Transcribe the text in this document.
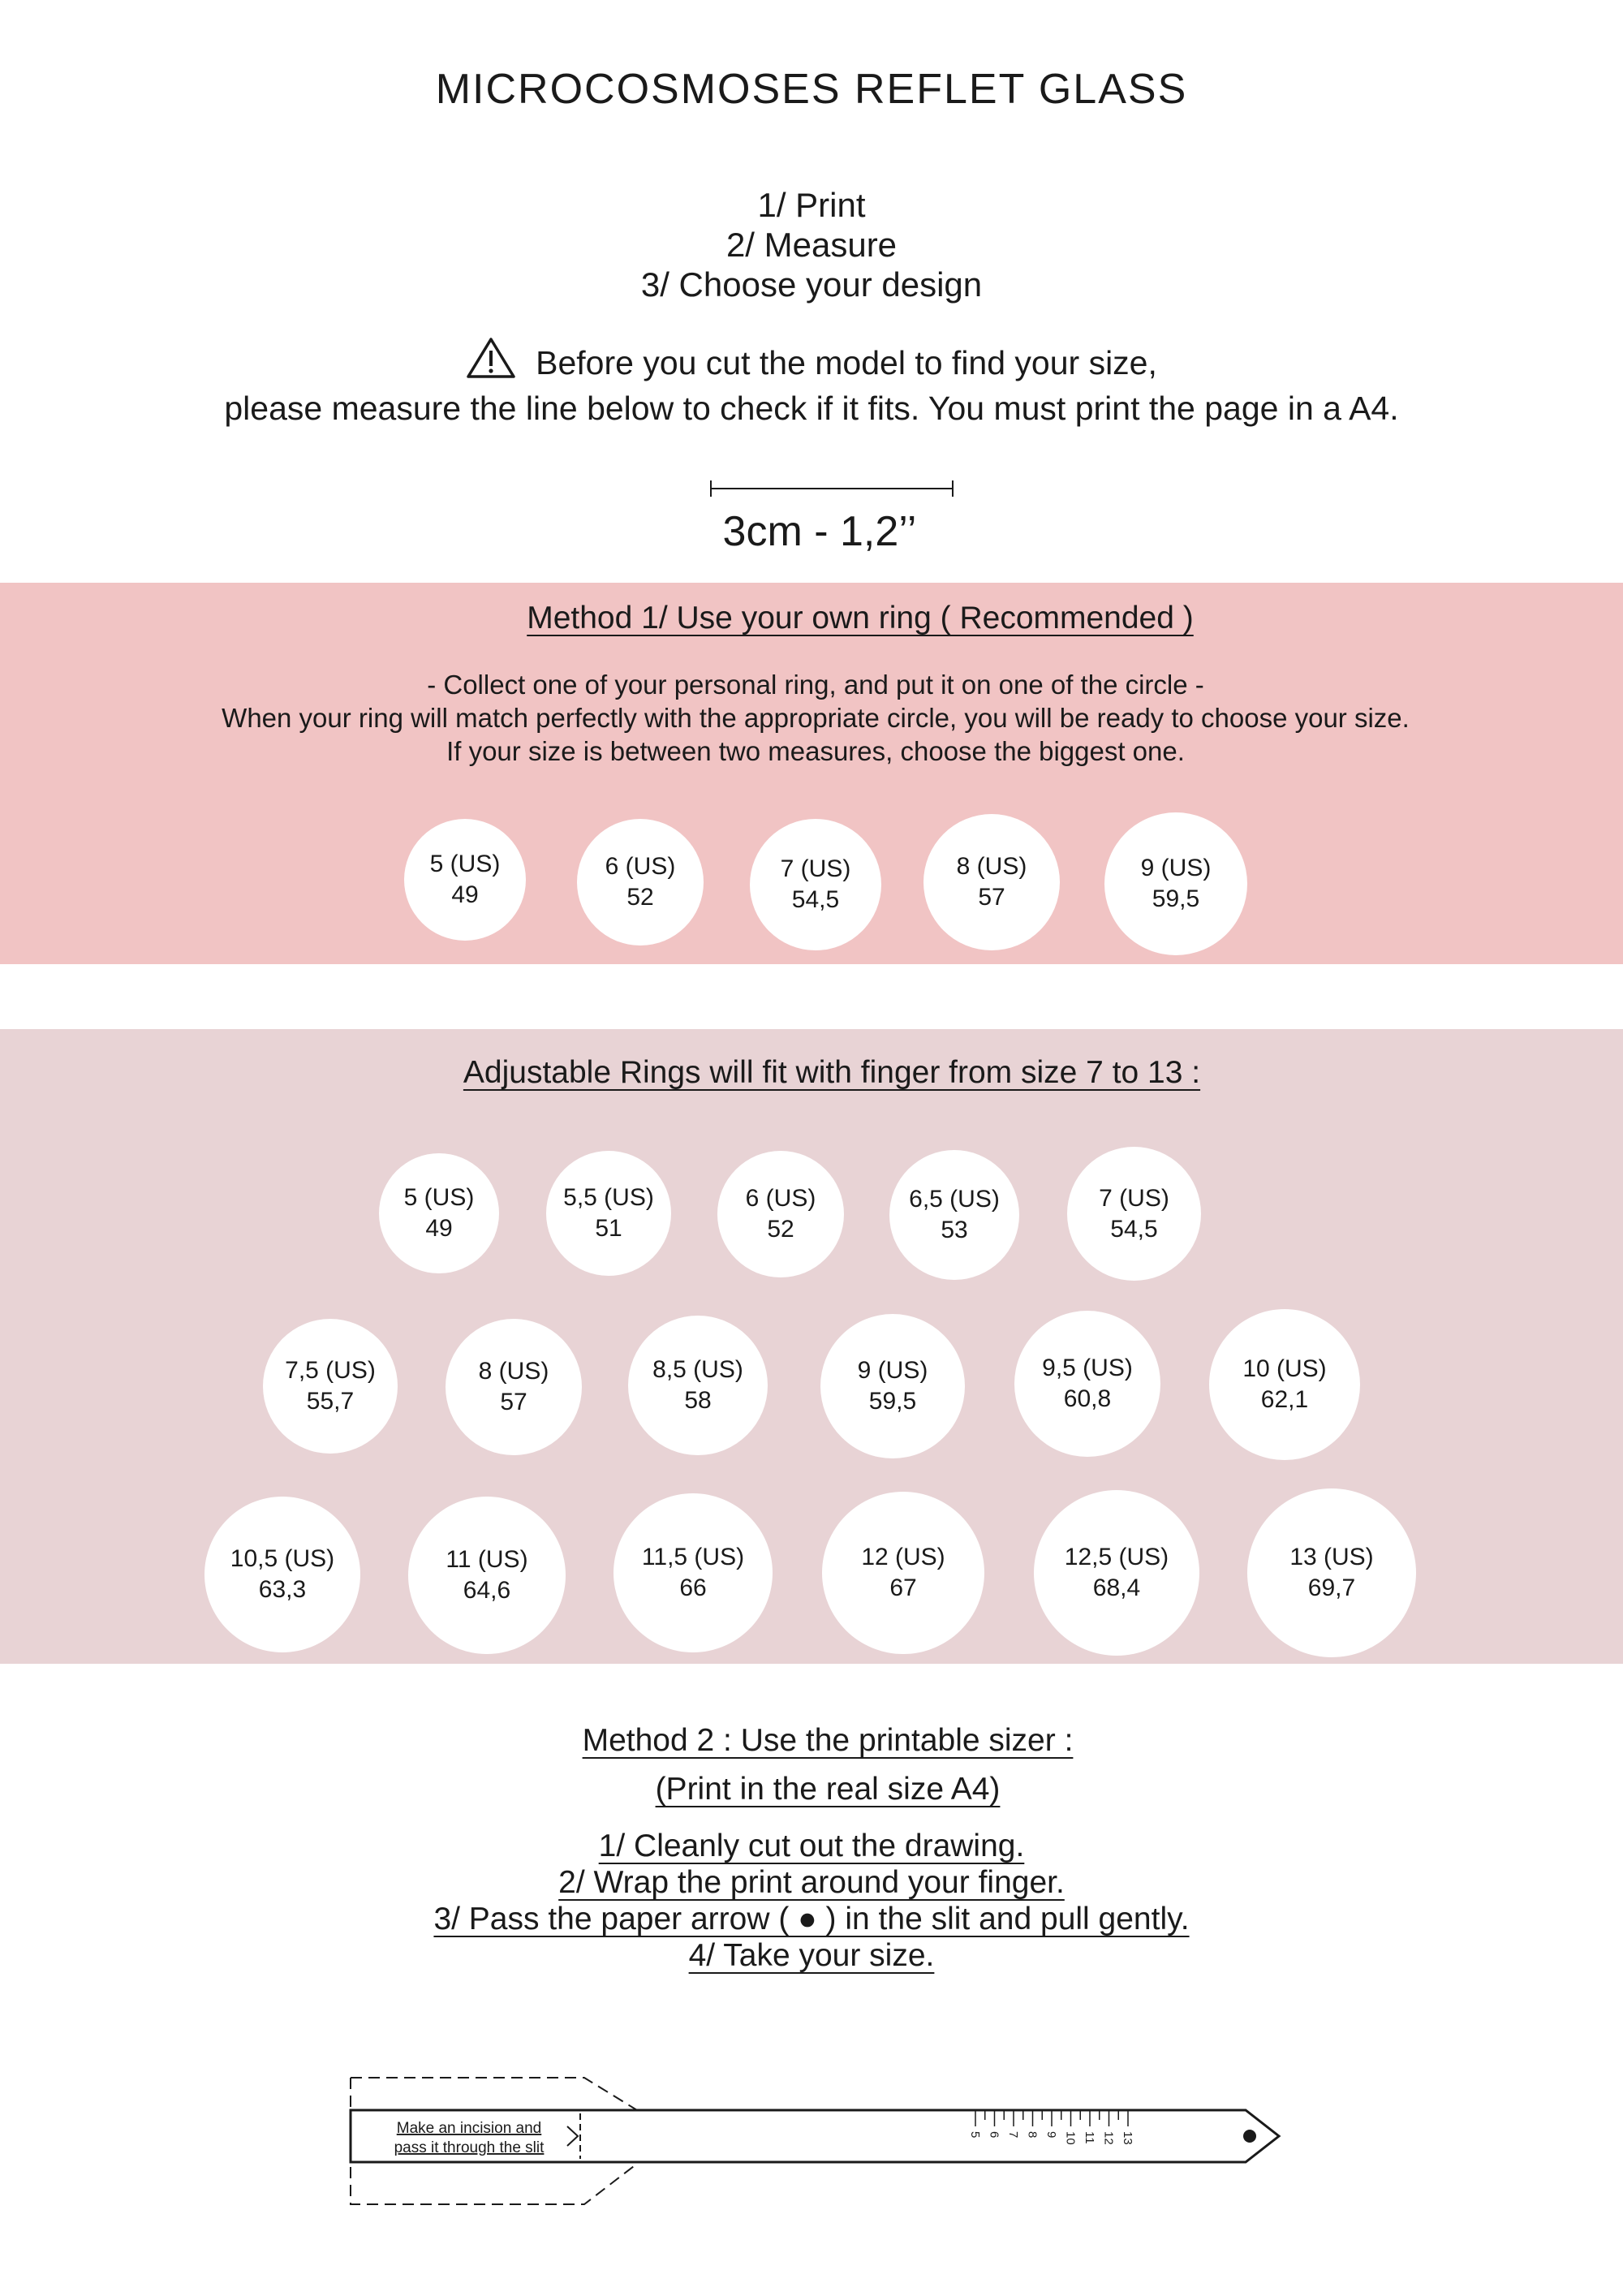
MICROCOSMOSES REFLET GLASS
1/ Print
2/ Measure
3/ Choose your design
Before you cut the model to find your size,
please measure the line below to check if it fits. You must print the page in a A4.
3cm - 1,2’’
Method 1/ Use your own ring ( Recommended )
- Collect one of your personal ring, and put it on one of the circle -
When your ring will match perfectly with the appropriate circle, you will be ready to choose your size.
If your size is between two measures, choose the biggest one.
5 (US)
49
6 (US)
52
7 (US)
54,5
8 (US)
57
9 (US)
59,5
Adjustable Rings will fit with finger from size 7 to 13 :
5 (US)
49
5,5 (US)
51
6 (US)
52
6,5 (US)
53
7 (US)
54,5
7,5 (US)
55,7
8 (US)
57
8,5 (US)
58
9 (US)
59,5
9,5 (US)
60,8
10 (US)
62,1
10,5 (US)
63,3
11 (US)
64,6
11,5 (US)
66
12 (US)
67
12,5 (US)
68,4
13 (US)
69,7
Method 2 : Use the printable sizer :
(Print in the real size A4)
1/ Cleanly cut out the drawing.
2/ Wrap the print around your finger.
3/ Pass the paper arrow ( ● ) in the slit and pull gently.
4/ Take your size.
Make an incision and
pass it through the slit
5 6 7 8 9 10 11 12 13
